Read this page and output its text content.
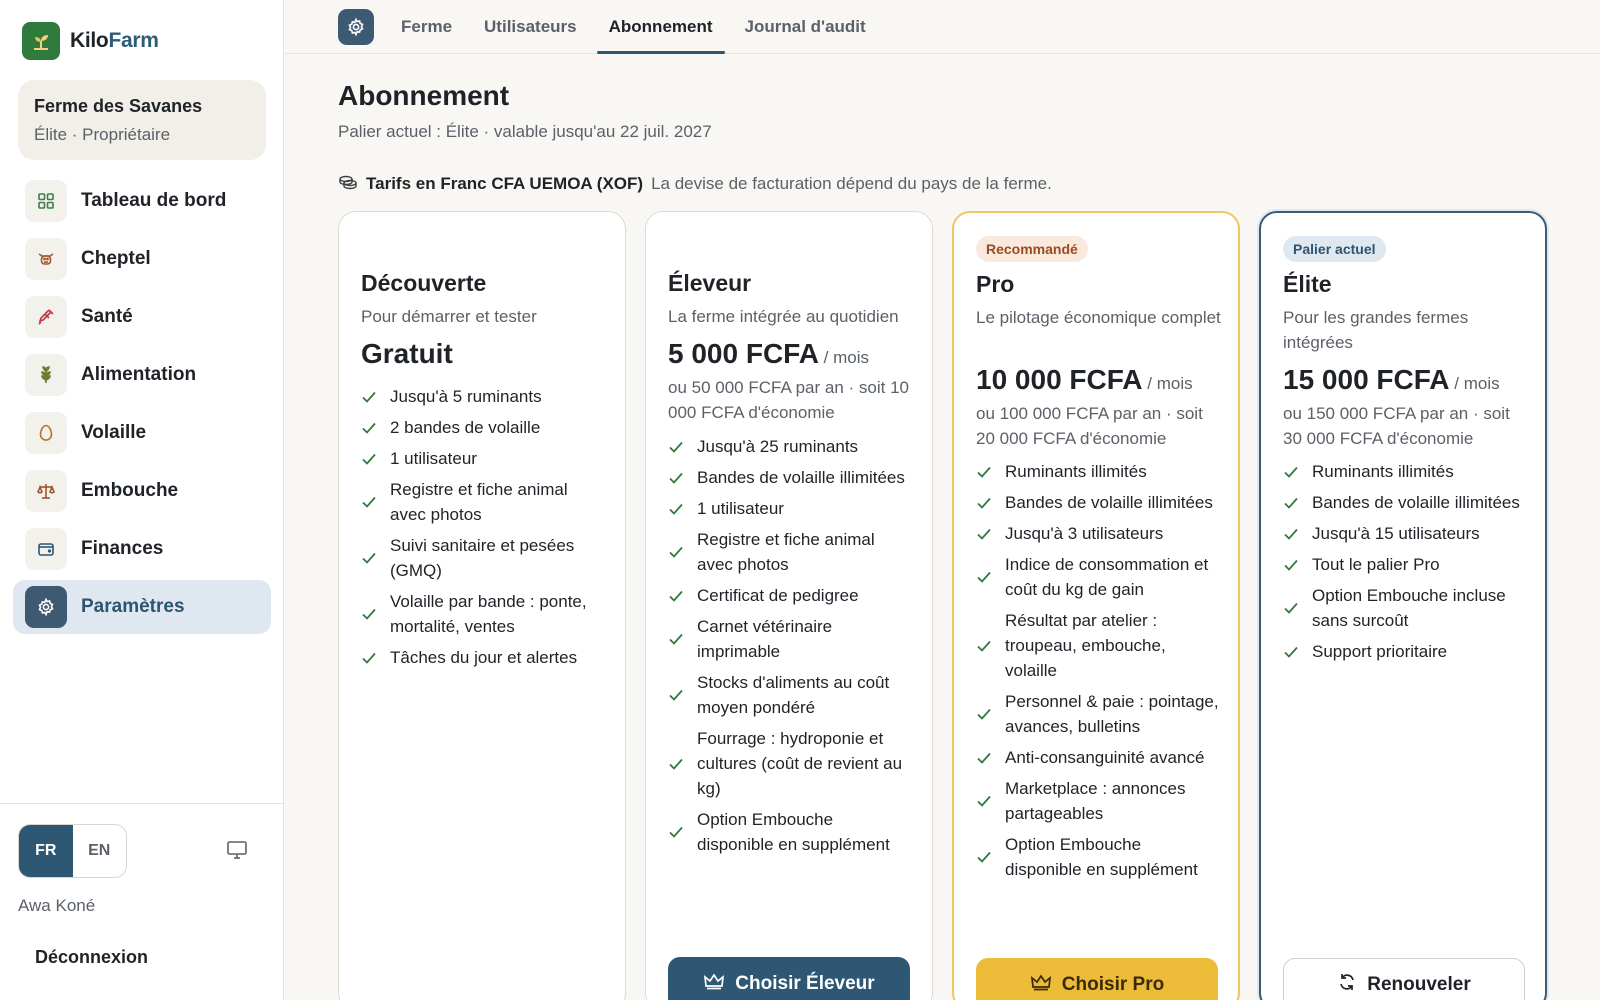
KiloFarm
Ferme des Savanes
Élite · Propriétaire
Tableau de bord
Cheptel
Santé
Alimentation
Volaille
Embouche
Finances
Paramètres
FR	EN
Awa Koné
Déconnexion
Ferme	Utilisateurs	Abonnement	Journal d'audit
Abonnement
Palier actuel : Élite · valable jusqu'au 22 juil. 2027
Tarifs en Franc CFA UEMOA (XOF) La devise de facturation dépend du pays de la ferme.
Découverte
Pour démarrer et tester
Gratuit
Jusqu'à 5 ruminants
2 bandes de volaille
1 utilisateur
Registre et fiche animal avec photos
Suivi sanitaire et pesées (GMQ)
Volaille par bande : ponte, mortalité, ventes
Tâches du jour et alertes
Éleveur
La ferme intégrée au quotidien
5 000 FCFA / mois
ou 50 000 FCFA par an · soit 10 000 FCFA d'économie
Jusqu'à 25 ruminants
Bandes de volaille illimitées
1 utilisateur
Registre et fiche animal avec photos
Certificat de pedigree
Carnet vétérinaire imprimable
Stocks d'aliments au coût moyen pondéré
Fourrage : hydroponie et cultures (coût de revient au kg)
Option Embouche disponible en supplément
Choisir Éleveur
Recommandé
Pro
Le pilotage économique complet
10 000 FCFA / mois
ou 100 000 FCFA par an · soit 20 000 FCFA d'économie
Ruminants illimités
Bandes de volaille illimitées
Jusqu'à 3 utilisateurs
Indice de consommation et coût du kg de gain
Résultat par atelier : troupeau, embouche, volaille
Personnel & paie : pointage, avances, bulletins
Anti-consanguinité avancé
Marketplace : annonces partageables
Option Embouche disponible en supplément
Choisir Pro
Palier actuel
Élite
Pour les grandes fermes intégrées
15 000 FCFA / mois
ou 150 000 FCFA par an · soit 30 000 FCFA d'économie
Ruminants illimités
Bandes de volaille illimitées
Jusqu'à 15 utilisateurs
Tout le palier Pro
Option Embouche incluse sans surcoût
Support prioritaire
Renouveler
